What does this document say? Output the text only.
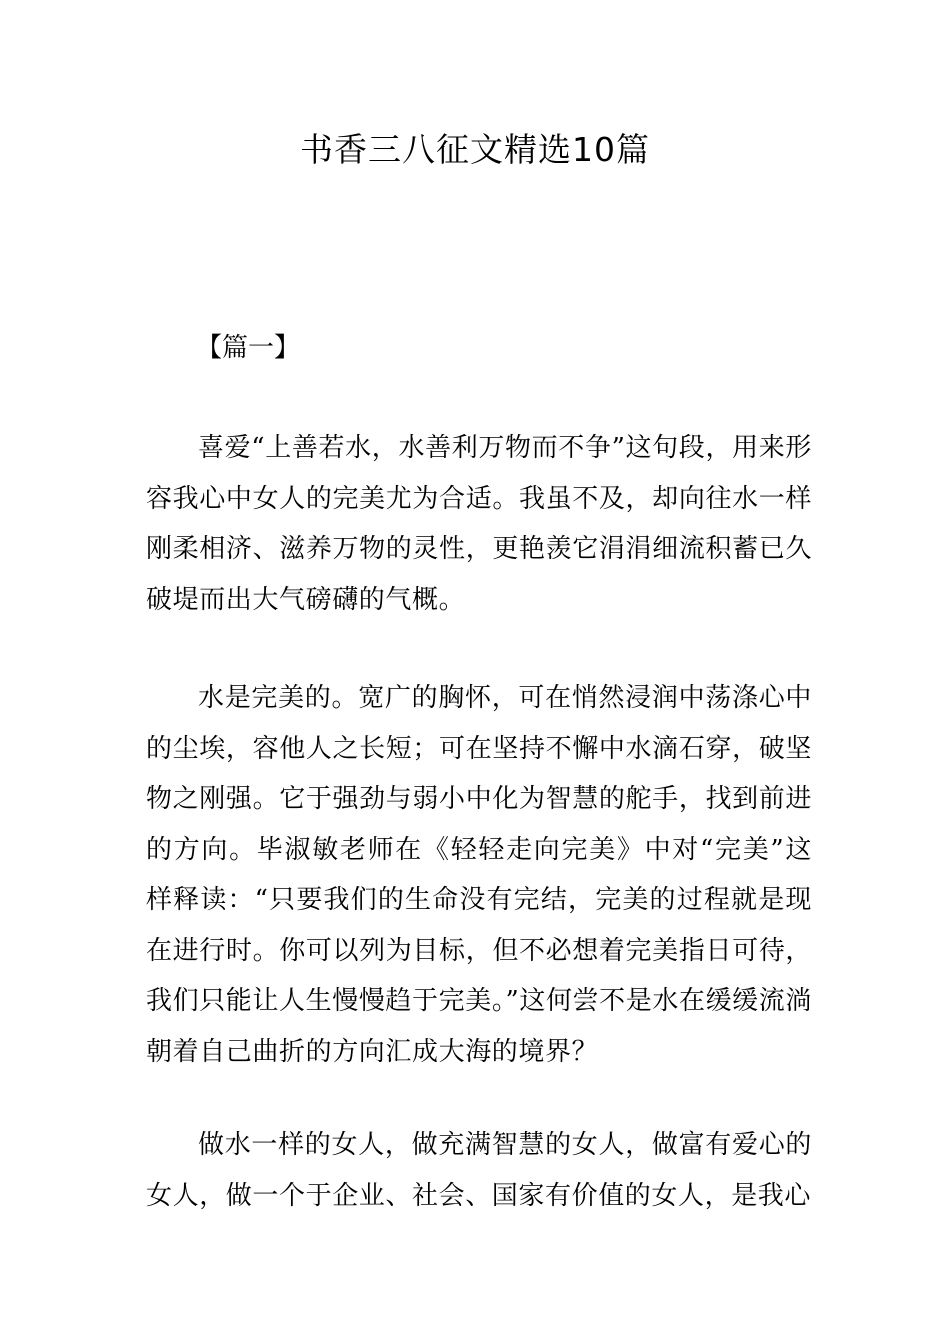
书香三八征文精选10篇
【篇一】

喜爱“上善若水，水善利万物而不争”这句段，用来形容我心中女人的完美尤为合适。我虽不及，却向往水一样刚柔相济、滋养万物的灵性，更艳羡它涓涓细流积蓄已久破堤而出大气磅礴的气概。

水是完美的。宽广的胸怀，可在悄然浸润中荡涤心中的尘埃，容他人之长短；可在坚持不懈中水滴石穿，破坚物之刚强。它于强劲与弱小中化为智慧的舵手，找到前进的方向。毕淑敏老师在《轻轻走向完美》中对“完美”这样释读：“只要我们的生命没有完结，完美的过程就是现在进行时。你可以列为目标，但不必想着完美指日可待，我们只能让人生慢慢趋于完美。”这何尝不是水在缓缓流淌朝着自己曲折的方向汇成大海的境界？

做水一样的女人，做充满智慧的女人，做富有爱心的女人，做一个于企业、社会、国家有价值的女人，是我心
